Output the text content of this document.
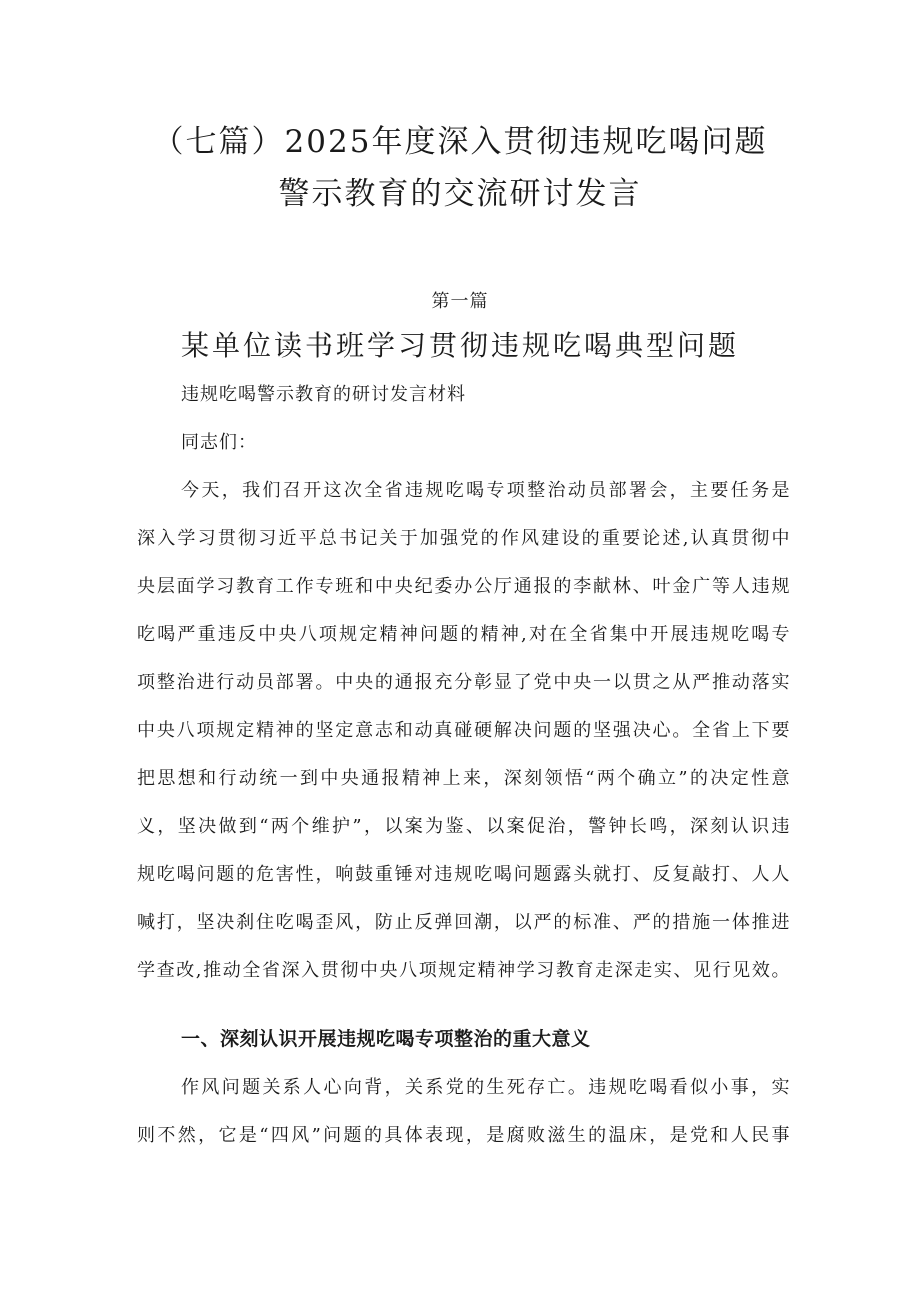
（七篇）2025年度深入贯彻违规吃喝问题
警示教育的交流研讨发言
第一篇
某单位读书班学习贯彻违规吃喝典型问题
违规吃喝警示教育的研讨发言材料
同志们：
今天，我们召开这次全省违规吃喝专项整治动员部署会，主要任务是
深入学习贯彻习近平总书记关于加强党的作风建设的重要论述,认真贯彻中
央层面学习教育工作专班和中央纪委办公厅通报的李献林、叶金广等人违规
吃喝严重违反中央八项规定精神问题的精神,对在全省集中开展违规吃喝专
项整治进行动员部署。中央的通报充分彰显了党中央一以贯之从严推动落实
中央八项规定精神的坚定意志和动真碰硬解决问题的坚强决心。全省上下要
把思想和行动统一到中央通报精神上来，深刻领悟“两个确立”的决定性意
义，坚决做到“两个维护”，以案为鉴、以案促治，警钟长鸣，深刻认识违
规吃喝问题的危害性，响鼓重锤对违规吃喝问题露头就打、反复敲打、人人
喊打，坚决刹住吃喝歪风，防止反弹回潮，以严的标准、严的措施一体推进
学查改,推动全省深入贯彻中央八项规定精神学习教育走深走实、见行见效。
一、深刻认识开展违规吃喝专项整治的重大意义
作风问题关系人心向背，关系党的生死存亡。违规吃喝看似小事，实
则不然，它是“四风”问题的具体表现，是腐败滋生的温床，是党和人民事
